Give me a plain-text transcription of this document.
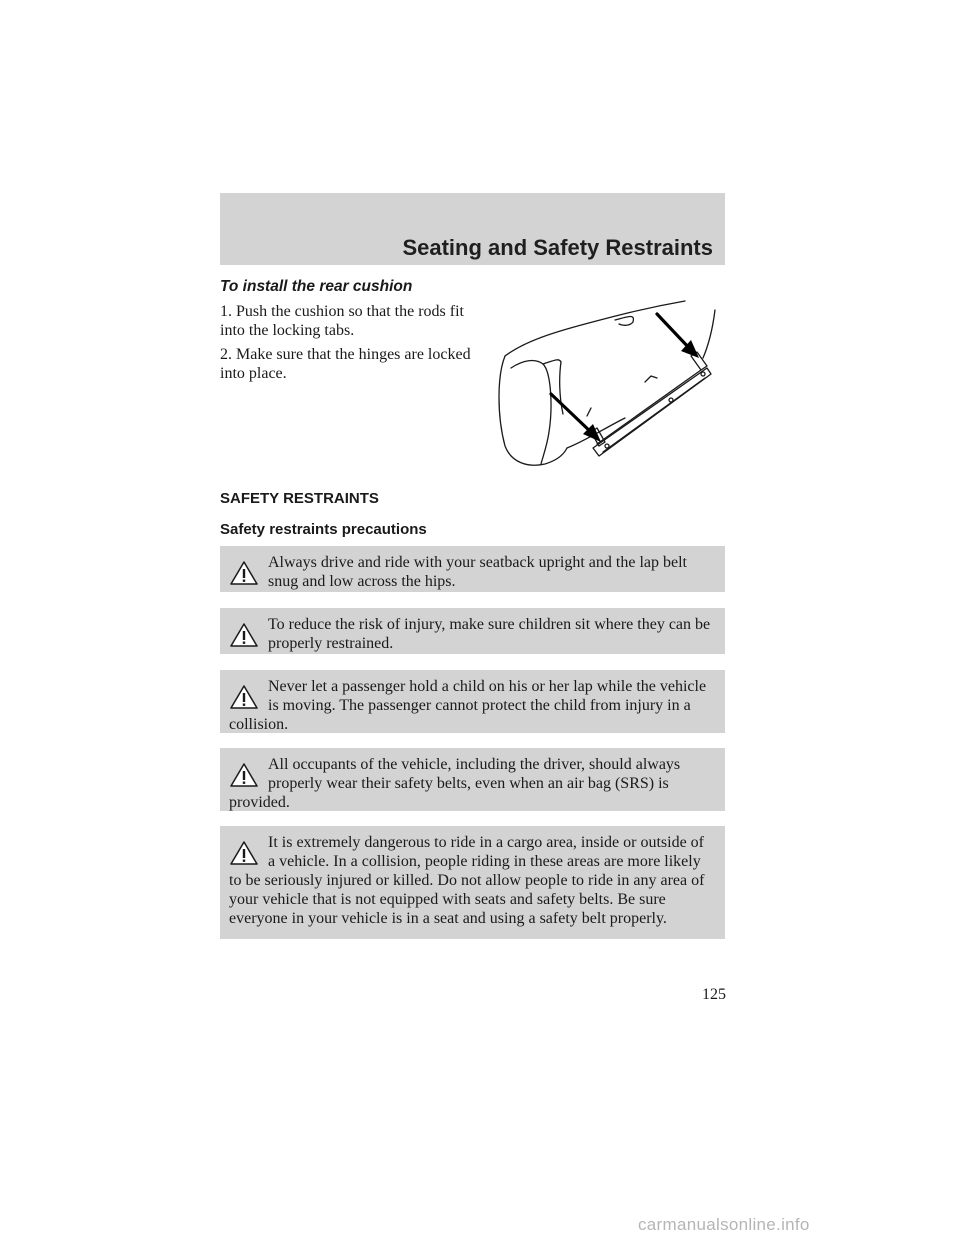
Seating and Safety Restraints
To install the rear cushion
1. Push the cushion so that the rods fit into the locking tabs.
2. Make sure that the hinges are locked into place.
SAFETY RESTRAINTS
Safety restraints precautions

Always drive and ride with your seatback upright and the lap belt snug and low across the hips.

To reduce the risk of injury, make sure children sit where they can be properly restrained.

Never let a passenger hold a child on his or her lap while the vehicle is moving. The passenger cannot protect the child from injury in a collision.

All occupants of the vehicle, including the driver, should always properly wear their safety belts, even when an air bag (SRS) is provided.

It is extremely dangerous to ride in a cargo area, inside or outside of a vehicle. In a collision, people riding in these areas are more likely to be seriously injured or killed. Do not allow people to ride in any area of your vehicle that is not equipped with seats and safety belts. Be sure everyone in your vehicle is in a seat and using a safety belt properly.

125
carmanualsonline.info
